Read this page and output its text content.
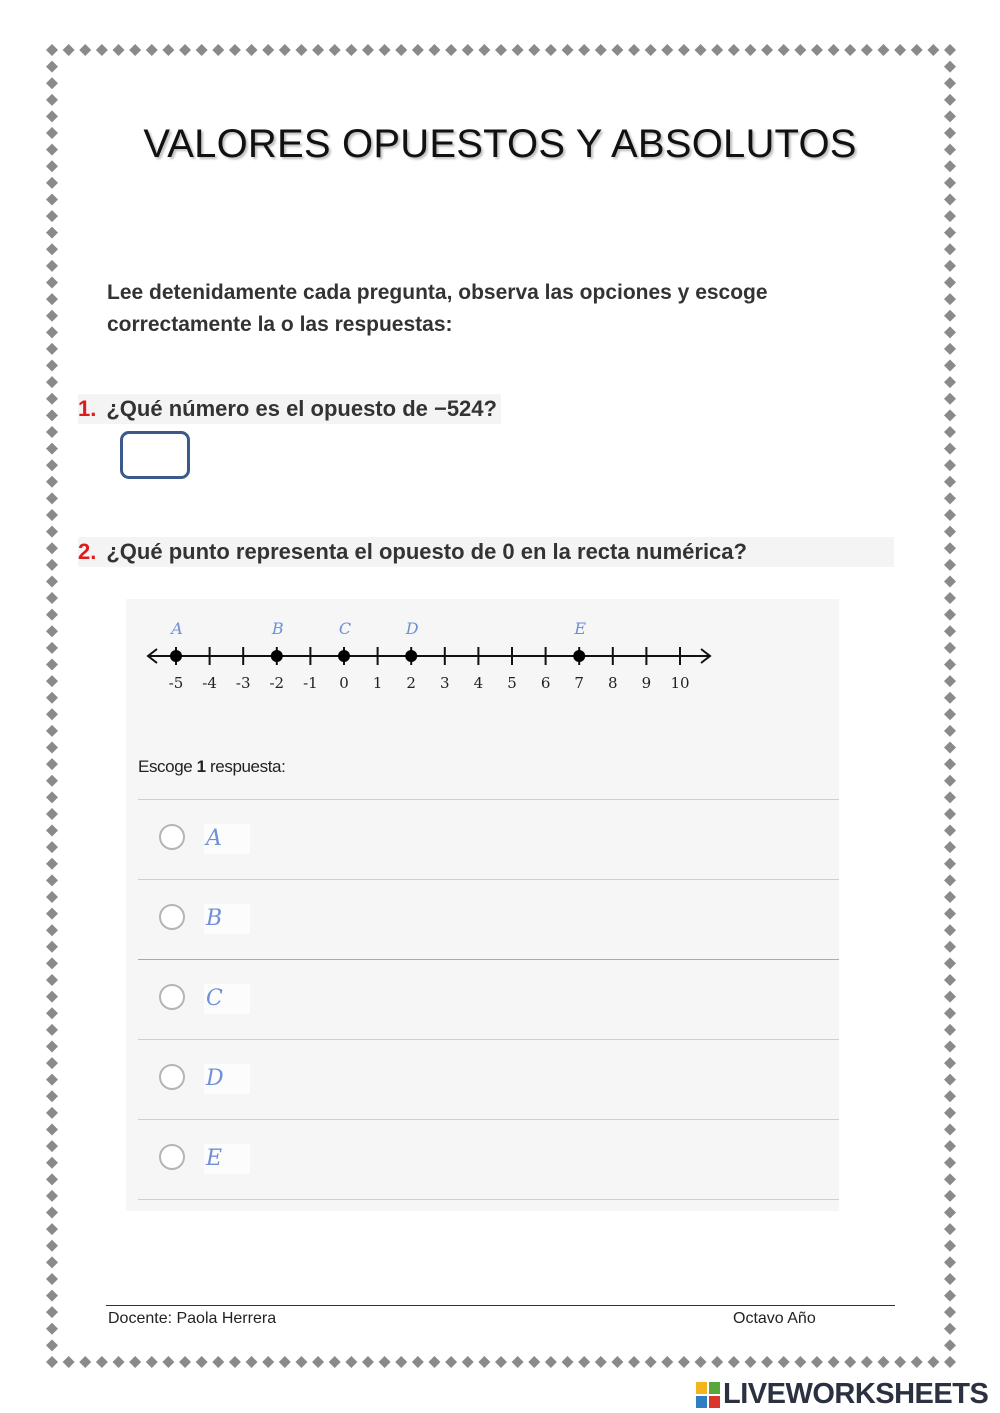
VALORES OPUESTOS Y ABSOLUTOS
Lee detenidamente cada pregunta, observa las opciones y escoge
correctamente la o las respuestas:
1. ¿Qué número es el opuesto de −524?
2. ¿Qué punto representa el opuesto de 0 en la recta numérica?
-5 -4 -3 -2 -1 0 1 2 3 4 5 6 7 8 9 10
A	B	C	D	E
Escoge 1 respuesta:
A
B
C
D
E
Docente: Paola Herrera	Octavo Año
LIVEWORKSHEETS
